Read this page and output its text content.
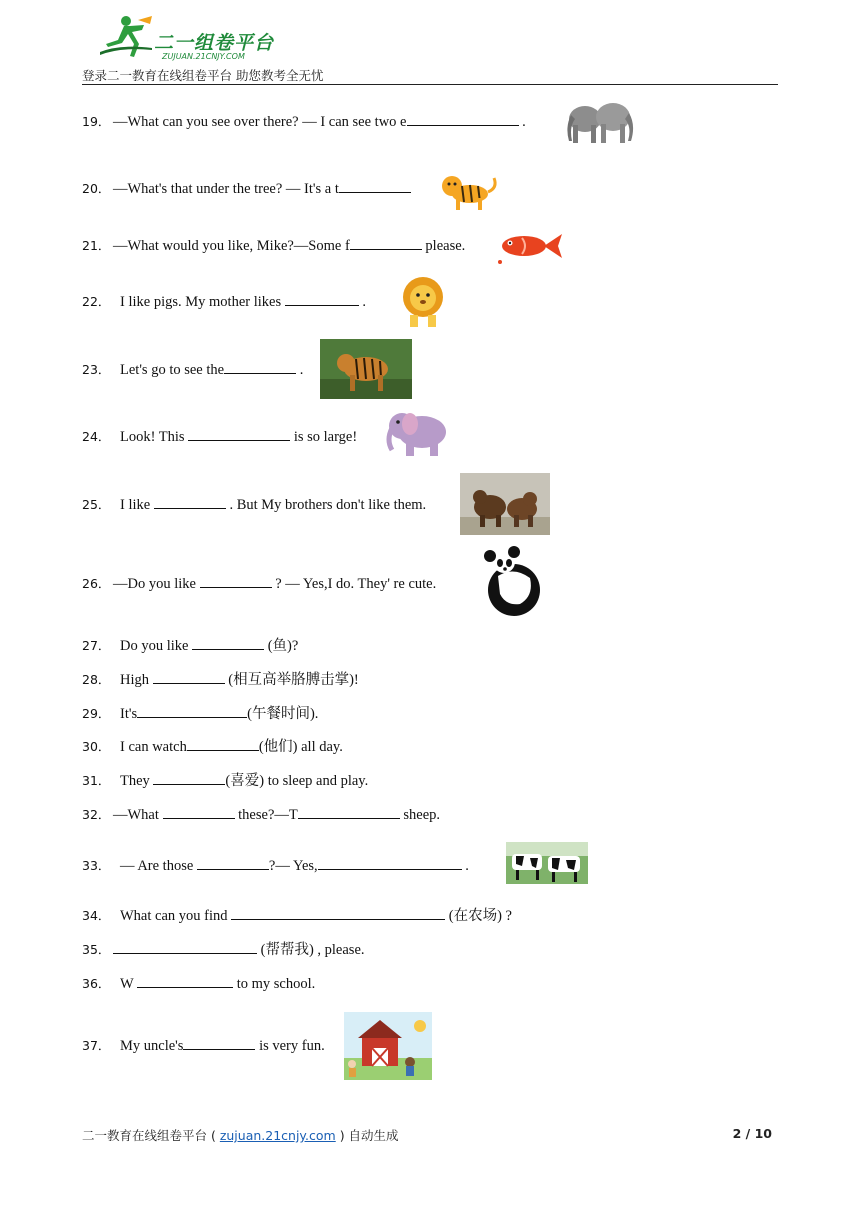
二一组卷平台
ZUJUAN.21CNJY.COM
登录二一教育在线组卷平台 助您教考全无忧
19． —What can you see over there? — I can see two e	.
20． —What's that under the tree? — It's a t
21． —What would you like, Mike?—Some f	please.
22． I like pigs. My mother likes	.
23． Let's go to see the	.
24． Look! This	is so large!
25． I like	. But My brothers don't like them.
26． —Do you like	? — Yes,I do. They' re cute.
27． Do you like	(鱼)?
28． High	(相互高举胳膊击掌)!
29． It's	(午餐时间).
30． I can watch	(他们) all day.
31． They	(喜爱) to sleep and play.
32． —What	these?—T	sheep.
33． — Are those	?— Yes,	.
34． What can you find	(在农场) ?
35．	(帮帮我) , please.
36． W	to my school.
37． My uncle's	is very fun.
二一教育在线组卷平台 ( zujuan.21cnjy.com ) 自动生成	2 / 10
